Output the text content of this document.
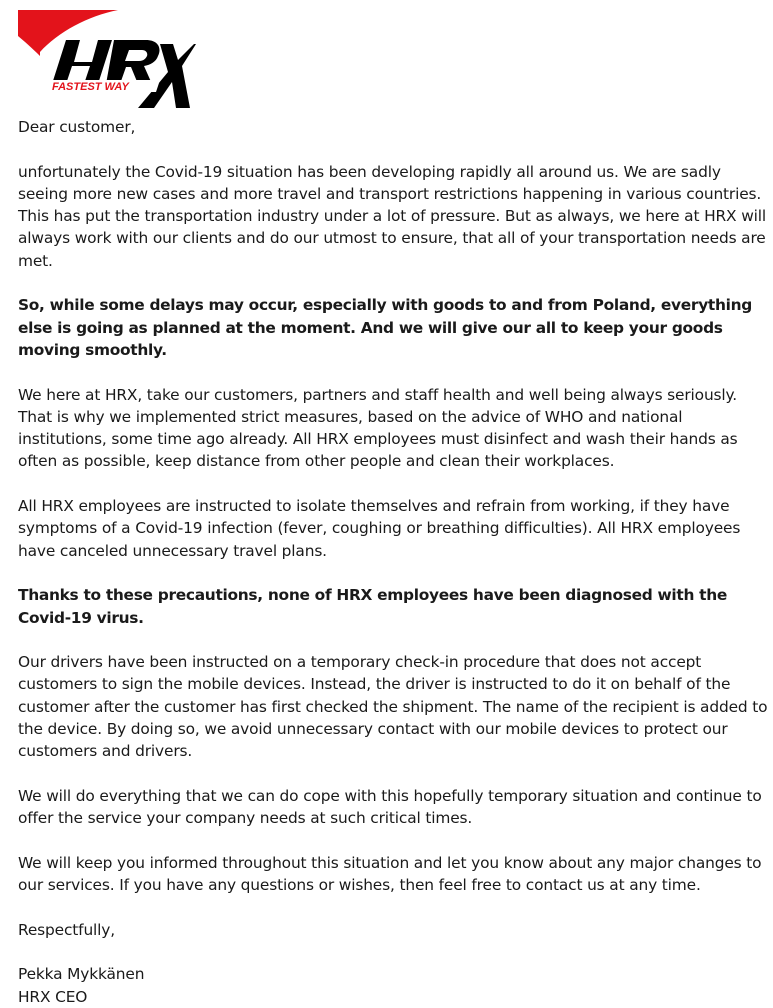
FASTEST WAY

Dear customer,

unfortunately the Covid-19 situation has been developing rapidly all around us. We are sadly seeing more new cases and more travel and transport restrictions happening in various countries. This has put the transportation industry under a lot of pressure. But as always, we here at HRX will always work with our clients and do our utmost to ensure, that all of your transportation needs are met.

So, while some delays may occur, especially with goods to and from Poland, everything else is going as planned at the moment. And we will give our all to keep your goods moving smoothly.

We here at HRX, take our customers, partners and staff health and well being always seriously. That is why we implemented strict measures, based on the advice of WHO and national institutions, some time ago already. All HRX employees must disinfect and wash their hands as often as possible, keep distance from other people and clean their workplaces.

All HRX employees are instructed to isolate themselves and refrain from working, if they have symptoms of a Covid-19 infection (fever, coughing or breathing difficulties). All HRX employees have canceled unnecessary travel plans.

Thanks to these precautions, none of HRX employees have been diagnosed with the Covid-19 virus.

Our drivers have been instructed on a temporary check-in procedure that does not accept customers to sign the mobile devices. Instead, the driver is instructed to do it on behalf of the customer after the customer has first checked the shipment. The name of the recipient is added to the device. By doing so, we avoid unnecessary contact with our mobile devices to protect our customers and drivers.

We will do everything that we can do cope with this hopefully temporary situation and continue to offer the service your company needs at such critical times.

We will keep you informed throughout this situation and let you know about any major changes to our services. If you have any questions or wishes, then feel free to contact us at any time.

Respectfully,

Pekka Mykkänen

HRX CEO
